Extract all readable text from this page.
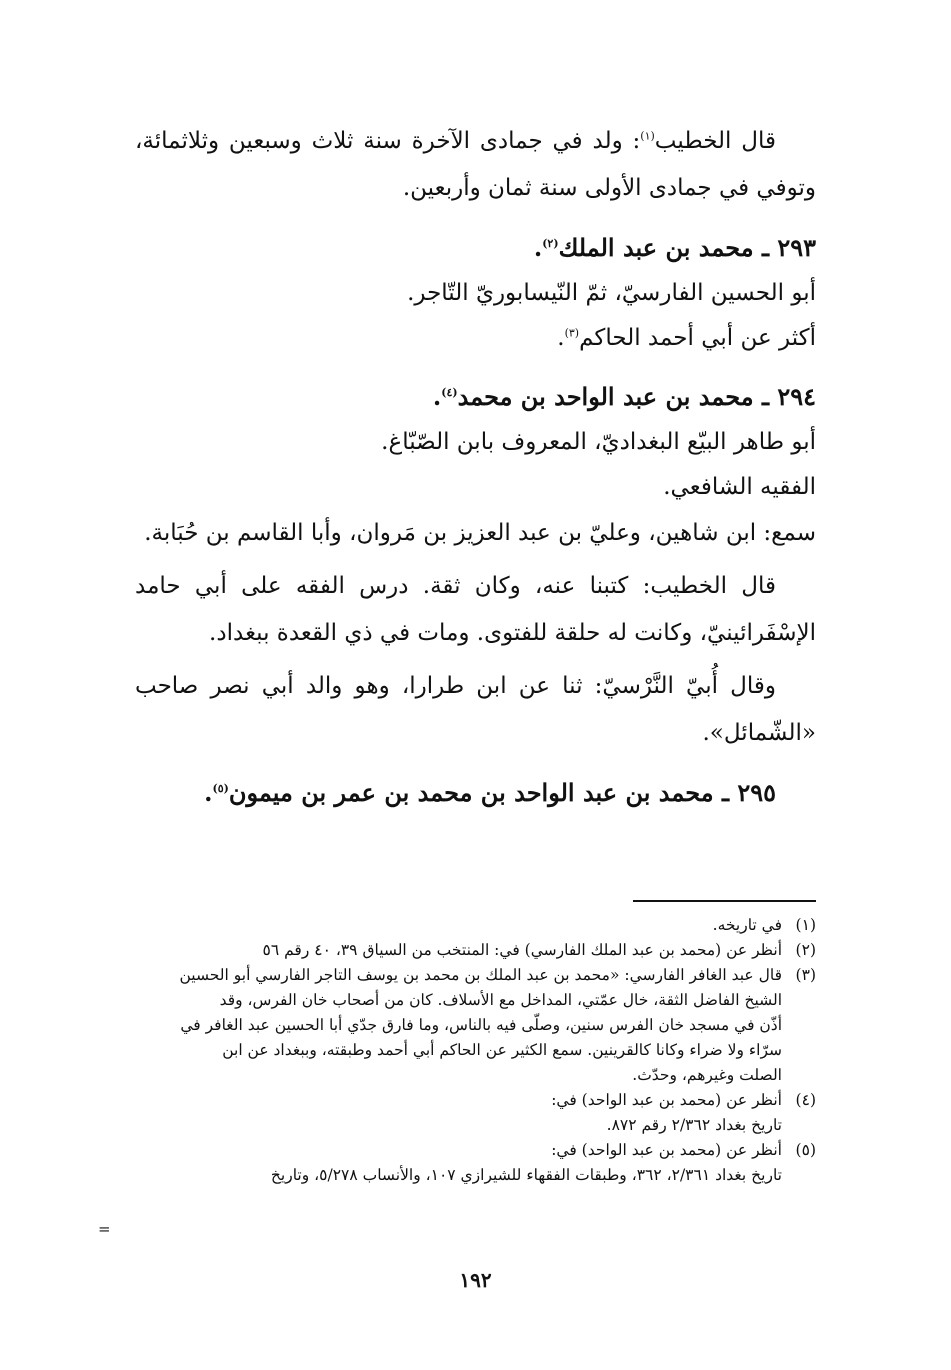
قال الخطيب$^{(١)}$: ولد في جمادى الآخرة سنة ثلاث وسبعين وثلاثمائة، وتوفي في جمادى الأولى سنة ثمان وأربعين.

٢٩٣ ـ محمد بن عبد الملك$^{(٢)}$.

أبو الحسين الفارسيّ، ثمّ النّيسابوريّ التّاجر.

أكثر عن أبي أحمد الحاكم$^{(٣)}$.

٢٩٤ ـ محمد بن عبد الواحد بن محمد$^{(٤)}$.

أبو طاهر البيّع البغداديّ، المعروف بابن الصّبّاغ.

الفقيه الشافعي.

سمع: ابن شاهين، وعليّ بن عبد العزيز بن مَروان، وأبا القاسم بن حُبَابة.

قال الخطيب: كتبنا عنه، وكان ثقة. درس الفقه على أبي حامد الإسْفَرائينيّ، وكانت له حلقة للفتوى. ومات في ذي القعدة ببغداد.

وقال أُبيّ النَّرْسيّ: ثنا عن ابن طرارا، وهو والد أبي نصر صاحب «الشّمائل».

٢٩٥ ـ محمد بن عبد الواحد بن محمد بن عمر بن ميمون$^{(٥)}$.

(١)
في تاريخه.
(٢)
أنظر عن (محمد بن عبد الملك الفارسي) في: المنتخب من السياق ٣٩، ٤٠ رقم ٥٦
(٣)
قال عبد الغافر الفارسي: «محمد بن عبد الملك بن محمد بن يوسف التاجر الفارسي أبو الحسين
الشيخ الفاضل الثقة، خال عمّتي، المداخل مع الأسلاف. كان من أصحاب خان الفرس، وقد
أذّن في مسجد خان الفرس سنين، وصلّى فيه بالناس، وما فارق جدّي أبا الحسين عبد الغافر في
سرّاء ولا ضراء وكانا كالقرينين. سمع الكثير عن الحاكم أبي أحمد وطبقته، وببغداد عن ابن
الصلت وغيرهم، وحدّث.
(٤)
أنظر عن (محمد بن عبد الواحد) في:
تاريخ بغداد ٢/٣٦٢ رقم ٨٧٢.
(٥)
أنظر عن (محمد بن عبد الواحد) في:
تاريخ بغداد ٢/٣٦١، ٣٦٢، وطبقات الفقهاء للشيرازي ١٠٧، والأنساب ٥/٢٧٨، وتاريخ
=
١٩٢
